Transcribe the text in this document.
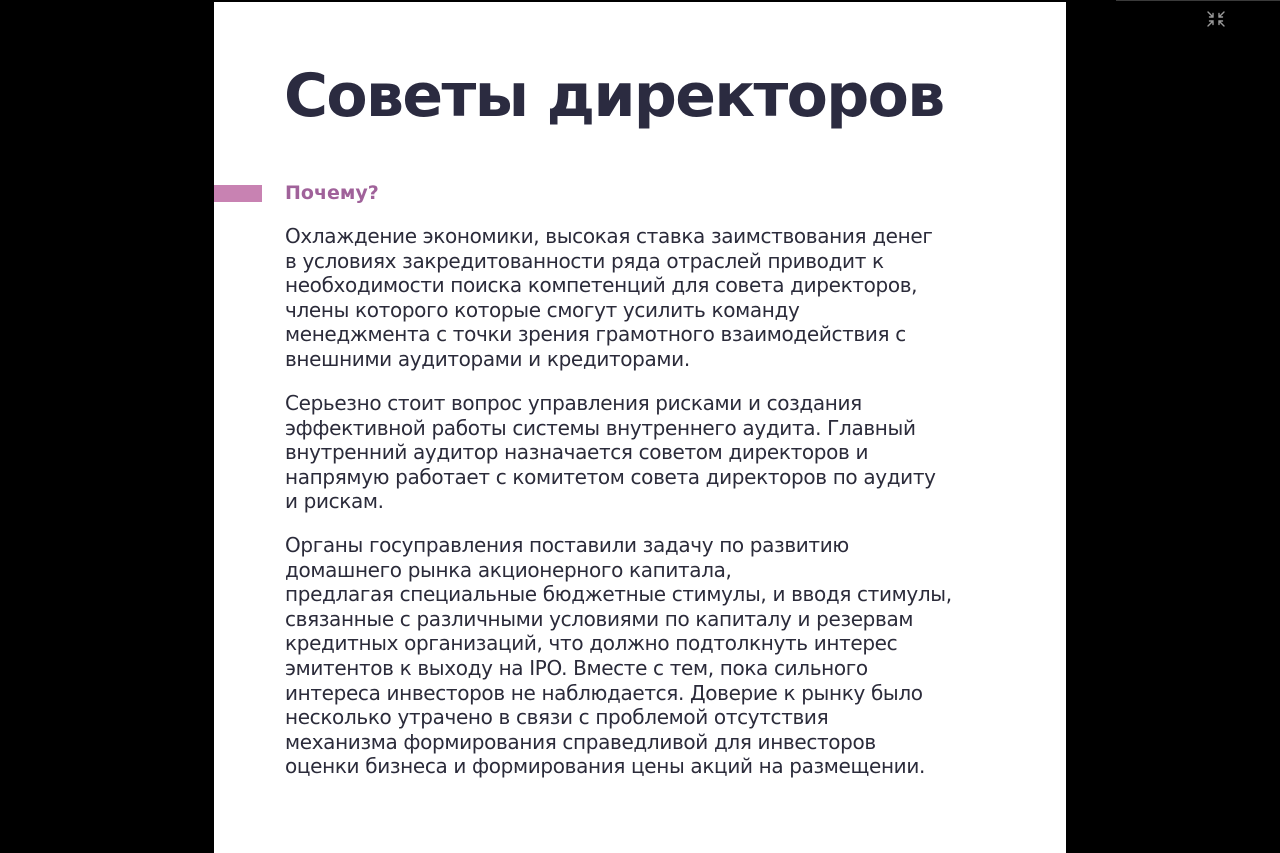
Советы директоров
Почему?

Охлаждение экономики, высокая ставка заимствования денег
в условиях закредитованности ряда отраслей приводит к
необходимости поиска компетенций для совета директоров,
члены которого которые смогут усилить команду
менеджмента с точки зрения грамотного взаимодействия с
внешними аудиторами и кредиторами.

Серьезно стоит вопрос управления рисками и создания
эффективной работы системы внутреннего аудита. Главный
внутренний аудитор назначается советом директоров и
напрямую работает с комитетом совета директоров по аудиту
и рискам.

Органы госуправления поставили задачу по развитию
домашнего рынка акционерного капитала,
предлагая специальные бюджетные стимулы, и вводя стимулы,
связанные с различными условиями по капиталу и резервам
кредитных организаций, что должно подтолкнуть интерес
эмитентов к выходу на IPO. Вместе с тем, пока сильного
интереса инвесторов не наблюдается. Доверие к рынку было
несколько утрачено в связи с проблемой отсутствия
механизма формирования справедливой для инвесторов
оценки бизнеса и формирования цены акций на размещении.
